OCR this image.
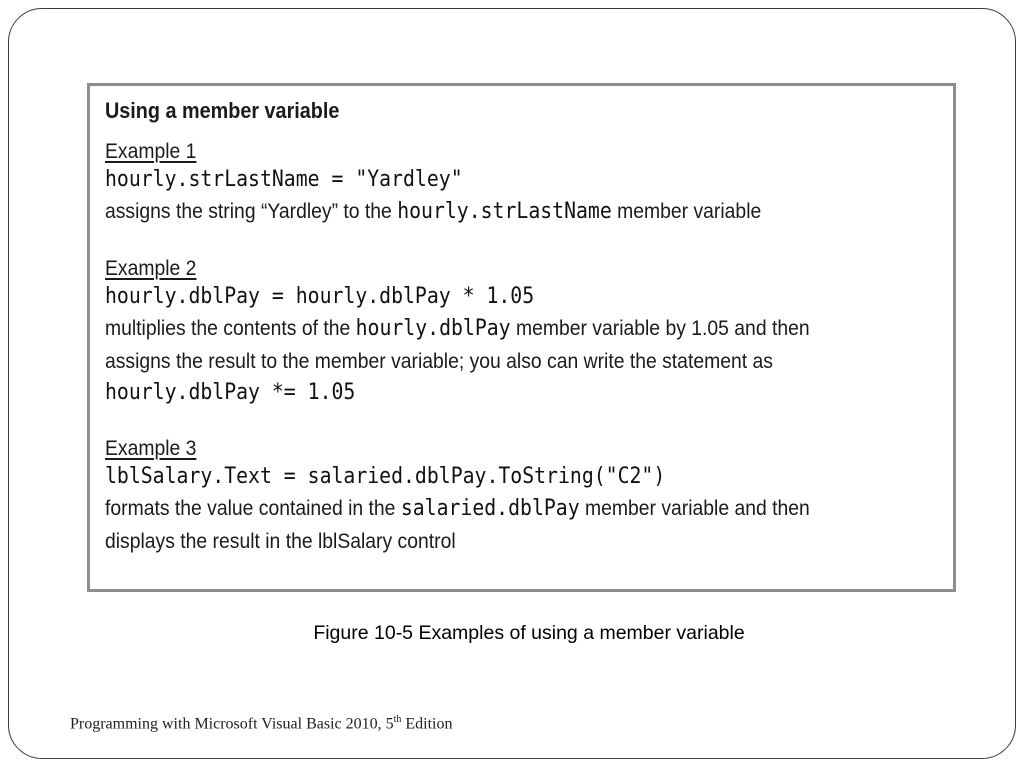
Using a member variable
Example 1
hourly.strLastName = "Yardley"
assigns the string “Yardley” to the hourly.strLastName member variable
Example 2
hourly.dblPay = hourly.dblPay * 1.05
multiplies the contents of the hourly.dblPay member variable by 1.05 and then
assigns the result to the member variable; you also can write the statement as
hourly.dblPay *= 1.05
Example 3
lblSalary.Text = salaried.dblPay.ToString("C2")
formats the value contained in the salaried.dblPay member variable and then
displays the result in the lblSalary control
Figure 10-5 Examples of using a member variable
Programming with Microsoft Visual Basic 2010, 5th Edition
